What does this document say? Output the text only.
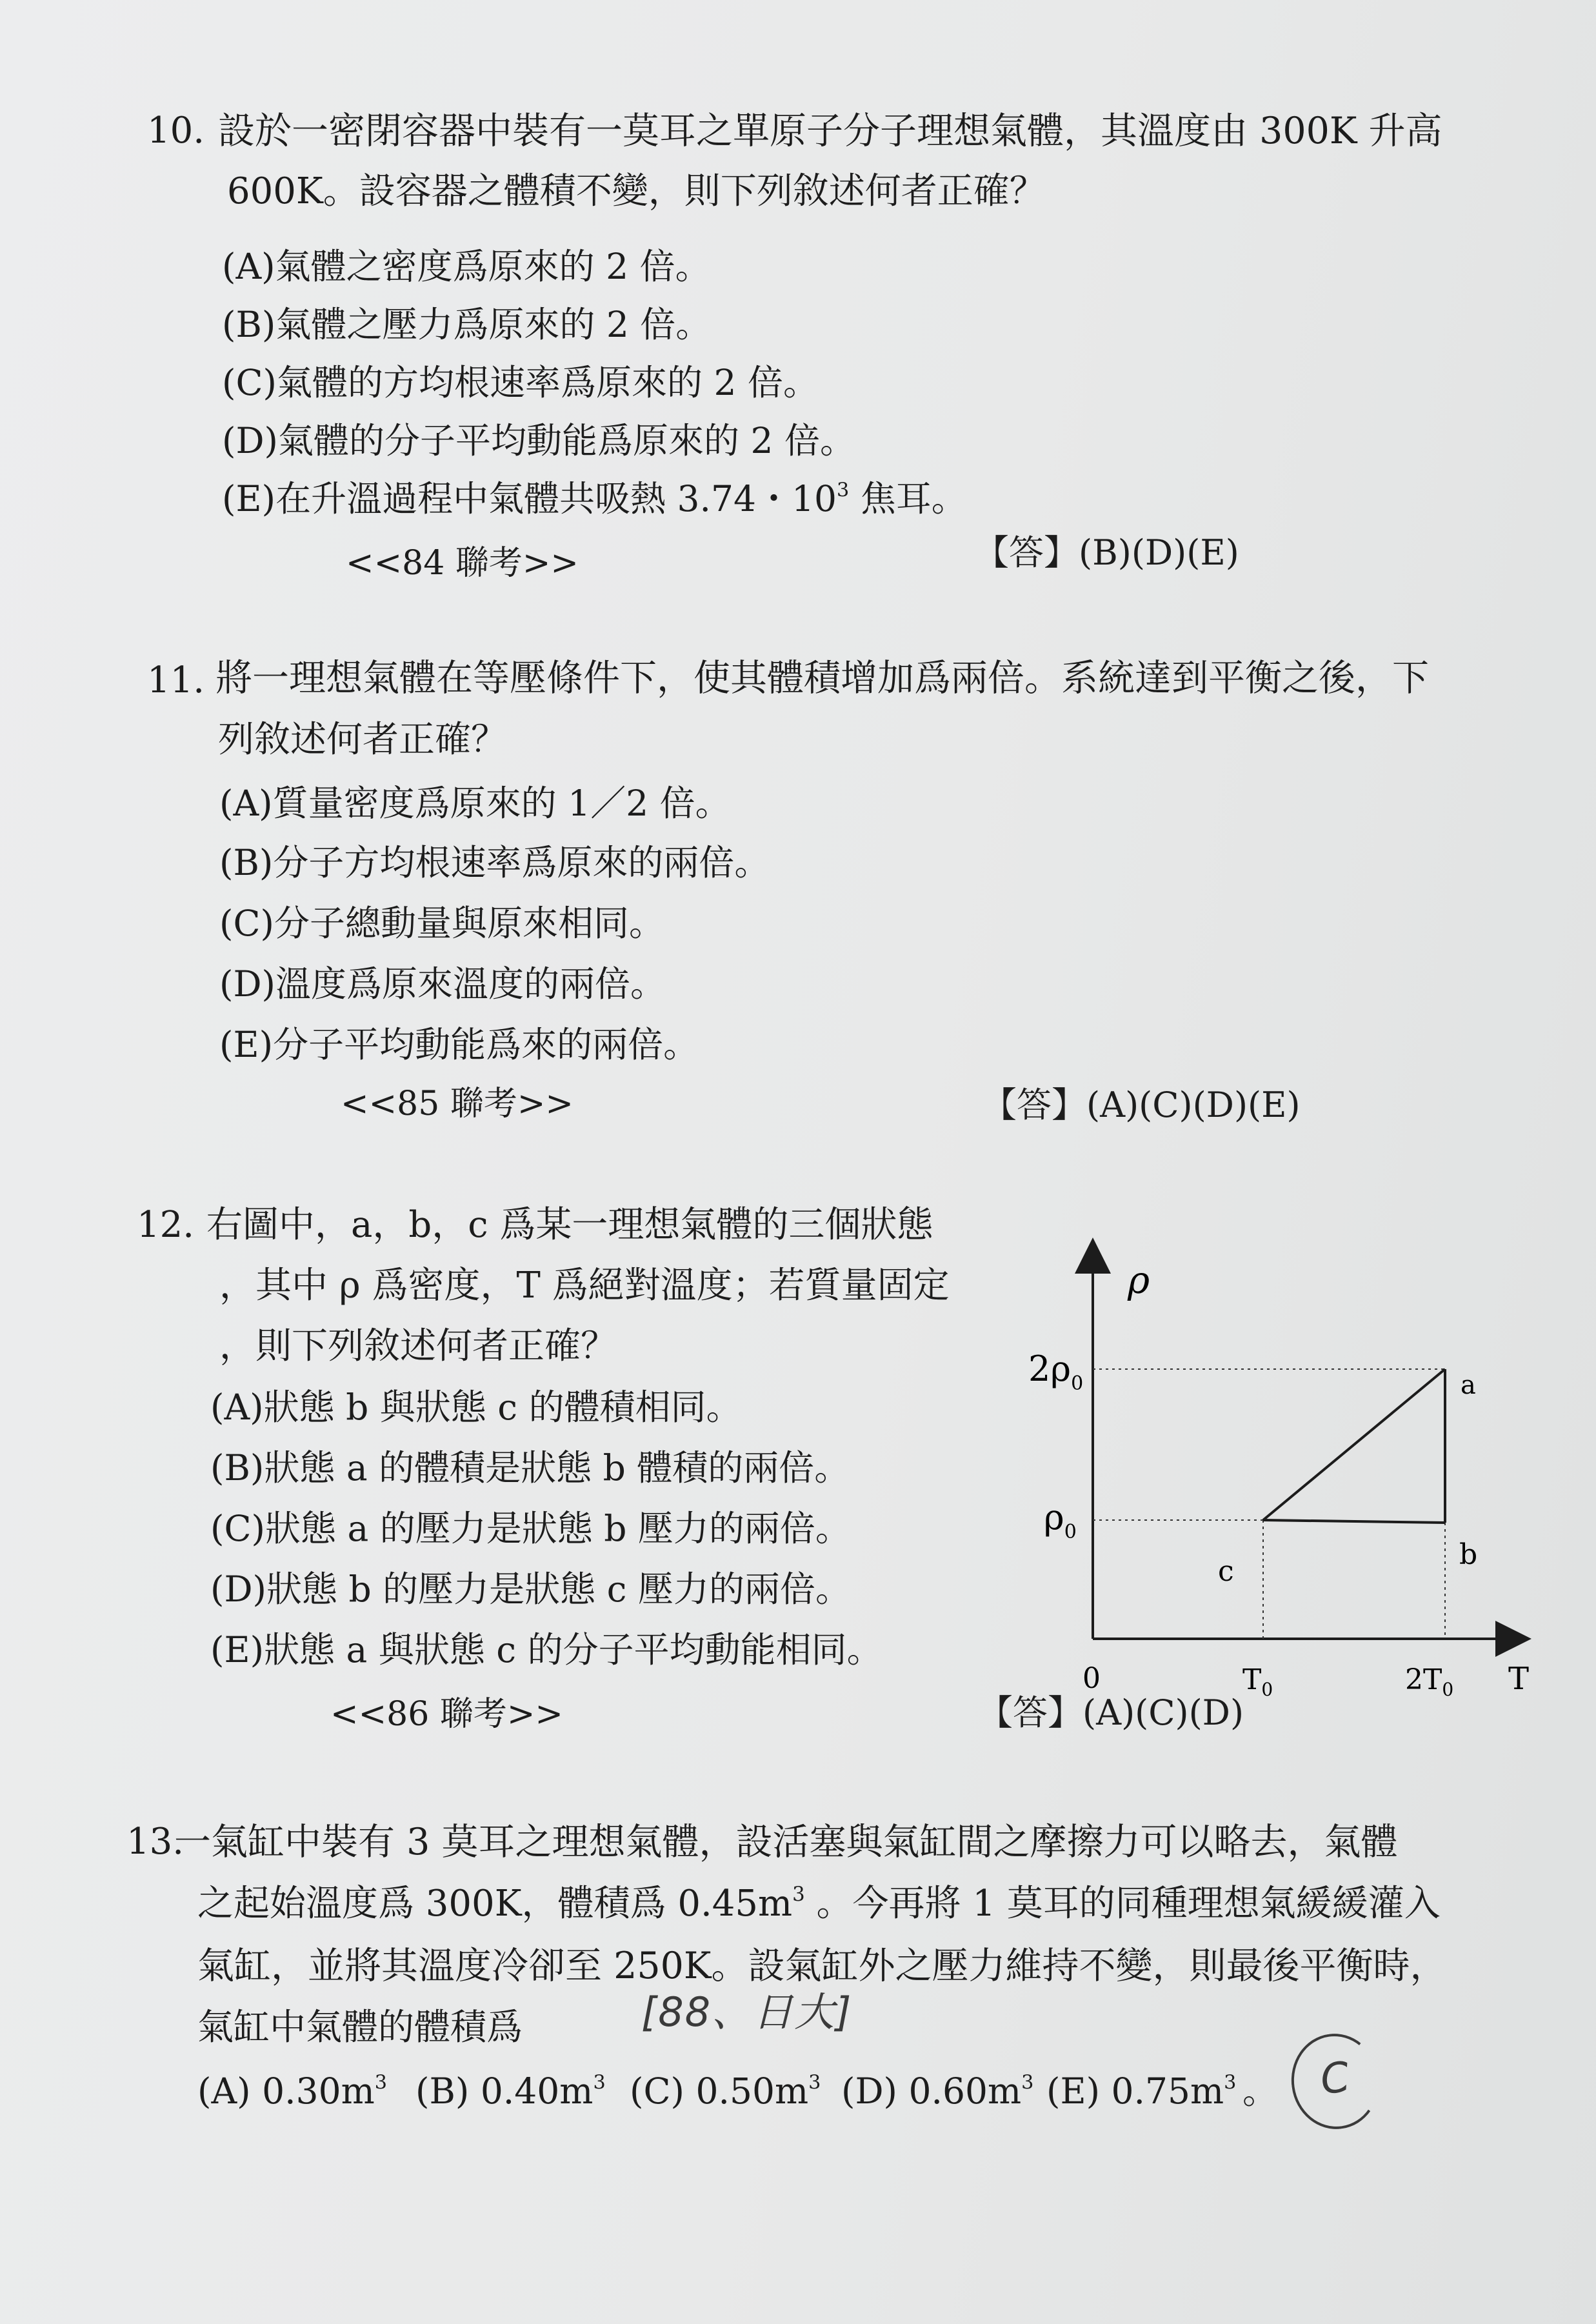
10. 設於一密閉容器中裝有一莫耳之單原子分子理想氣體，其溫度由 300K 升高
600K。設容器之體積不變，則下列敘述何者正確？
(A)氣體之密度爲原來的 2 倍。
(B)氣體之壓力爲原來的 2 倍。
(C)氣體的方均根速率爲原來的 2 倍。
(D)氣體的分子平均動能爲原來的 2 倍。
(E)在升溫過程中氣體共吸熱 3.74・$10^3$ 焦耳。
<<84 聯考>>	【答】(B)(D)(E)
11. 將一理想氣體在等壓條件下，使其體積增加爲兩倍。系統達到平衡之後，下
列敘述何者正確？
(A)質量密度爲原來的 1／2 倍。
(B)分子方均根速率爲原來的兩倍。
(C)分子總動量與原來相同。
(D)溫度爲原來溫度的兩倍。
(E)分子平均動能爲來的兩倍。
<<85 聯考>>	【答】(A)(C)(D)(E)
12. 右圖中，a，b，c 爲某一理想氣體的三個狀態
，其中 ρ 爲密度，T 爲絕對溫度；若質量固定
，則下列敘述何者正確？
(A)狀態 b 與狀態 c 的體積相同。
(B)狀態 a 的體積是狀態 b 體積的兩倍。
(C)狀態 a 的壓力是狀態 b 壓力的兩倍。
(D)狀態 b 的壓力是狀態 c 壓力的兩倍。
(E)狀態 a 與狀態 c 的分子平均動能相同。
<<86 聯考>>	【答】(A)(C)(D)
ρ
T
0
$2\rho_0$
$\rho_0$
$T_0$	$2T_0$
a
b
c
13.
一氣缸中裝有 3 莫耳之理想氣體，設活塞與氣缸間之摩擦力可以略去，氣體
之起始溫度爲 300K，體積爲 $0.45m^3$ 。今再將 1 莫耳的同種理想氣緩緩灌入
氣缸，並將其溫度冷卻至 250K。設氣缸外之壓力維持不變，則最後平衡時，
氣缸中氣體的體積爲	[88、日大]
(A) $0.30m^3$ (B) $0.40m^3$ (C) $0.50m^3$ (D) $0.60m^3$ (E) $0.75m^3$ 。 C
